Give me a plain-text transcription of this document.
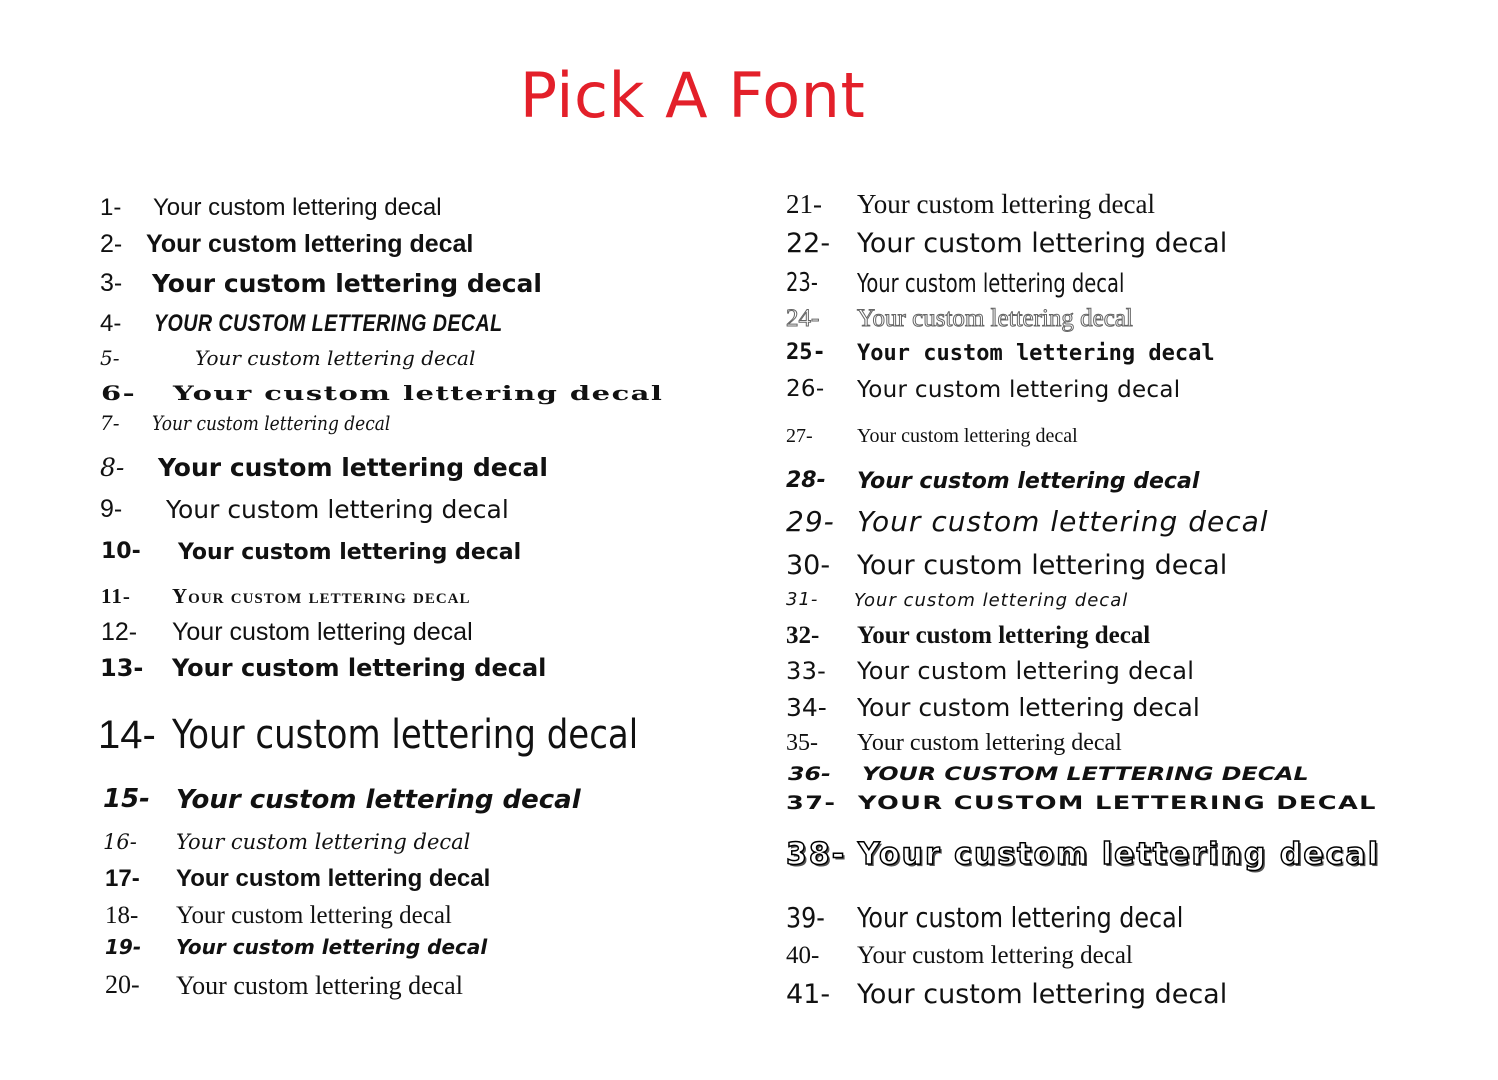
Pick A Font
1- Your custom lettering decal
2- Your custom lettering decal
3- Your custom lettering decal
4- YOUR CUSTOM LETTERING DECAL
5-	Your custom lettering decal
6- Your custom lettering decal
7- Your custom lettering decal
8- Your custom lettering decal
9- Your custom lettering decal
10- Your custom lettering decal
11- Your custom lettering decal
12- Your custom lettering decal
13- Your custom lettering decal
14- Your custom lettering decal
15- Your custom lettering decal
16- Your custom lettering decal
17- Your custom lettering decal
18- Your custom lettering decal
19- Your custom lettering decal
20- Your custom lettering decal
21- Your custom lettering decal
22- Your custom lettering decal
23- Your custom lettering decal
24- Your custom lettering decal
25- Your custom lettering decal
26- Your custom lettering decal
27- Your custom lettering decal
28- Your custom lettering decal
29- Your custom lettering decal
30- Your custom lettering decal
31- Your custom lettering decal
32- Your custom lettering decal
33- Your custom lettering decal
34- Your custom lettering decal
35- Your custom lettering decal
36- YOUR CUSTOM LETTERING DECAL
37- YOUR CUSTOM LETTERING DECAL
38- Your custom lettering decal
39- Your custom lettering decal
40- Your custom lettering decal
41- Your custom lettering decal
